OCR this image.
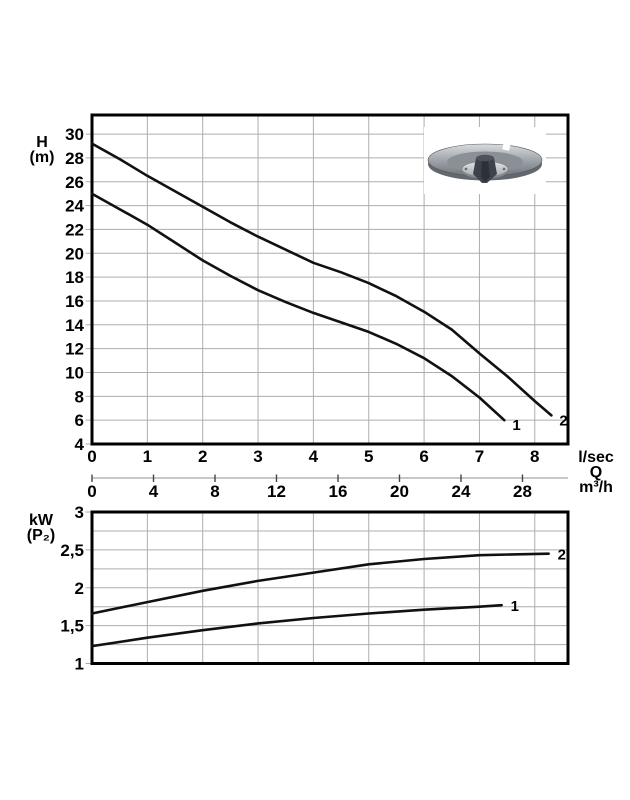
30
28
26
24
22
20
18
16
14
12
10
8
6
4
0	1	2	3	4	5	6	7	8
0	4	8	12	16	20	24	28
3
2,5
2
1,5
1
1	2
1
2
H
(m)
kW
(P₂)
l/sec
Q
m³/h
